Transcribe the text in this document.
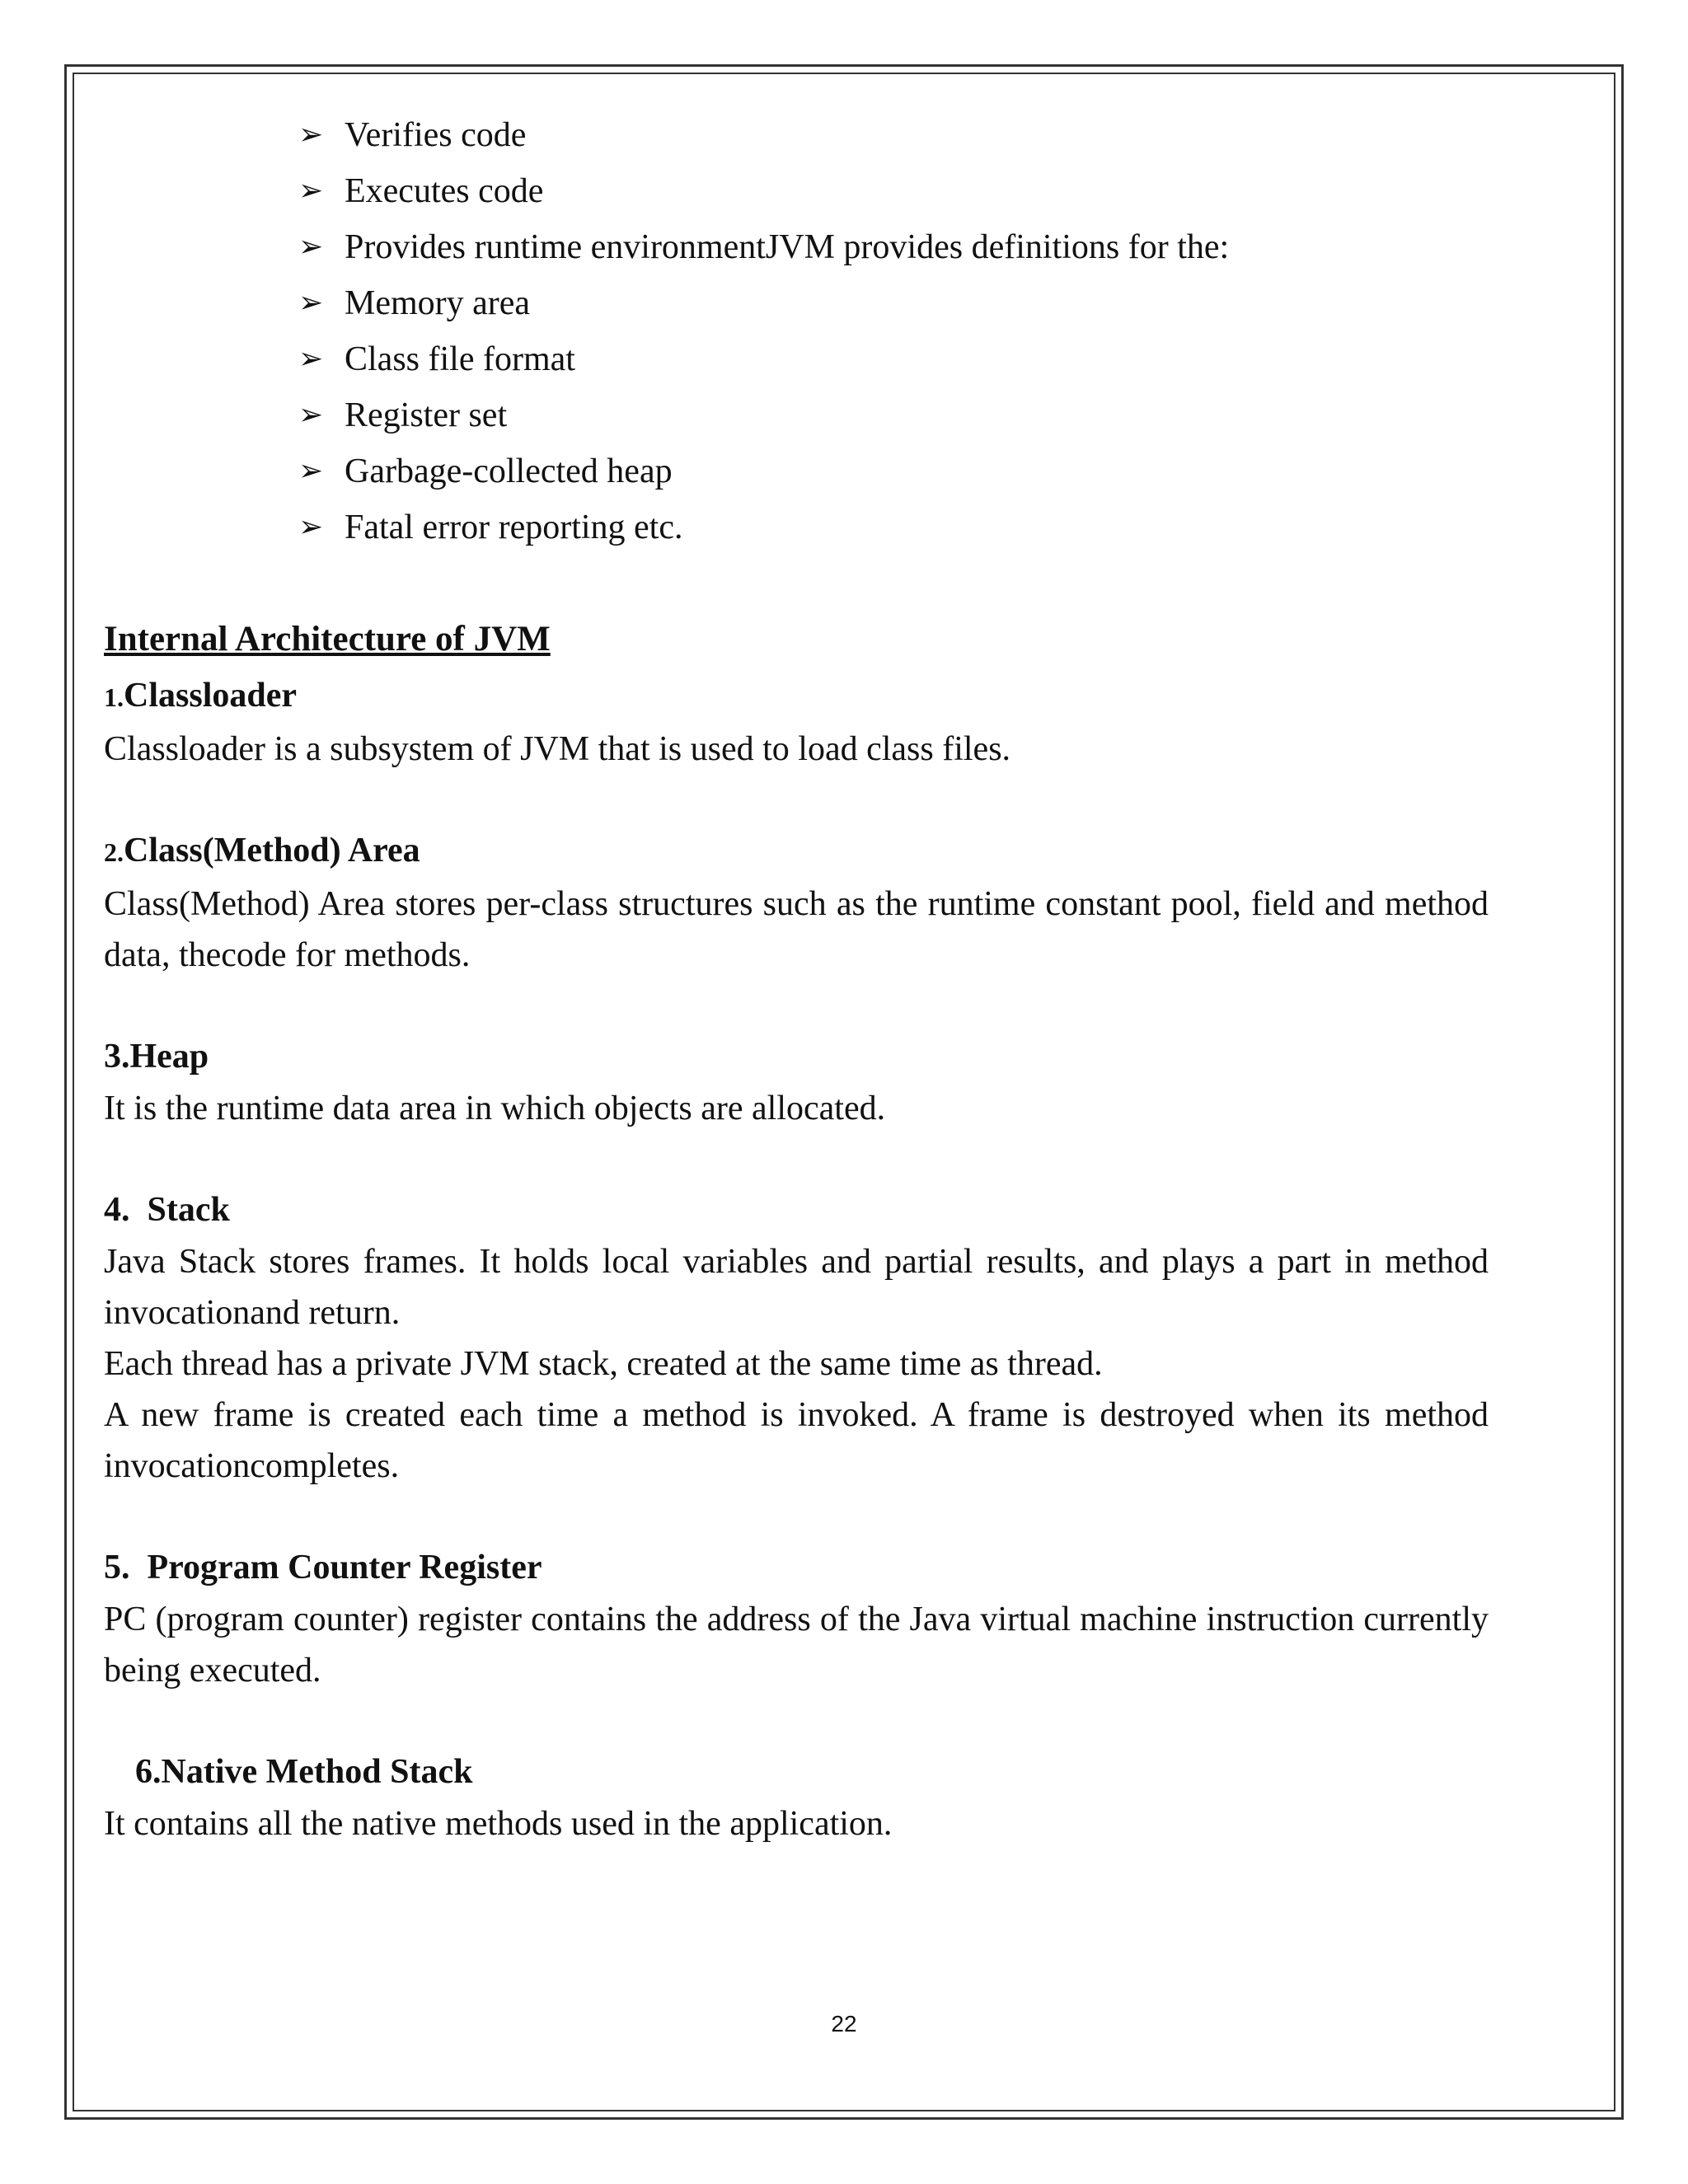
➢ Verifies code
➢ Executes code
➢ Provides runtime environmentJVM provides definitions for the:
➢ Memory area
➢ Class file format
➢ Register set
➢ Garbage-collected heap
➢ Fatal error reporting etc.
Internal Architecture of JVM
1.Classloader

Classloader is a subsystem of JVM that is used to load class files.

2.Class(Method) Area

Class(Method) Area stores per-class structures such as the runtime constant pool, field and method data, thecode for methods.

3.Heap

It is the runtime data area in which objects are allocated.

4. Stack

Java Stack stores frames. It holds local variables and partial results, and plays a part in method invocationand return.

Each thread has a private JVM stack, created at the same time as thread.

A new frame is created each time a method is invoked. A frame is destroyed when its method invocationcompletes.

5. Program Counter Register

PC (program counter) register contains the address of the Java virtual machine instruction currently being executed.

6.Native Method Stack

It contains all the native methods used in the application.

22
